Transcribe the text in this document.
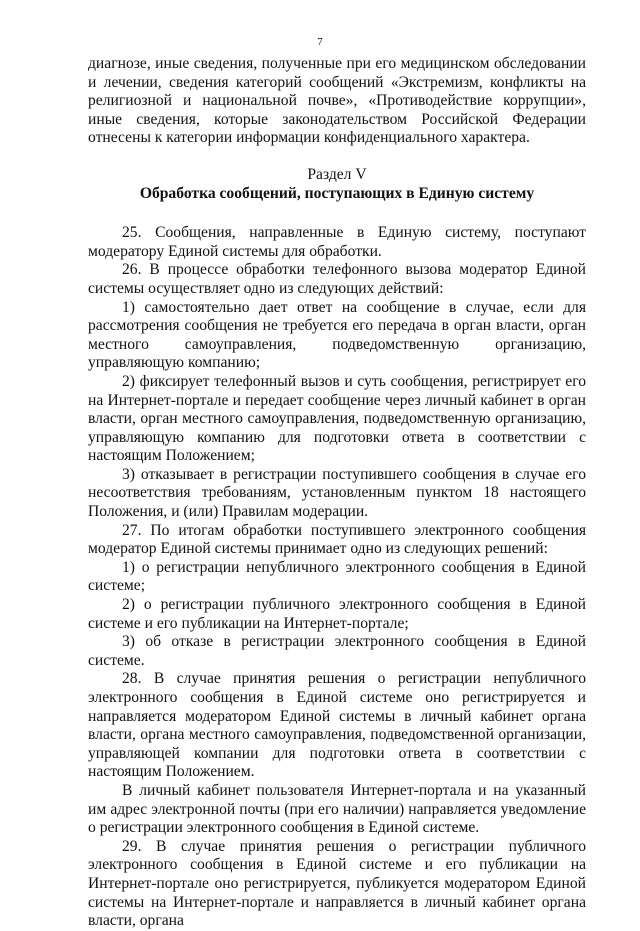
7

диагнозе, иные сведения, полученные при его медицинском обследовании и лечении, сведения категорий сообщений «Экстремизм, конфликты на религиозной и национальной почве», «Противодействие коррупции», иные сведения, которые законодательством Российской Федерации отнесены к категории информации конфиденциального характера.

Раздел V

Обработка сообщений, поступающих в Единую систему

25. Сообщения, направленные в Единую систему, поступают модератору Единой системы для обработки.

26. В процессе обработки телефонного вызова модератор Единой системы осуществляет одно из следующих действий:

1) самостоятельно дает ответ на сообщение в случае, если для рассмотрения сообщения не требуется его передача в орган власти, орган местного самоуправления, подведомственную организацию, управляющую компанию;

2) фиксирует телефонный вызов и суть сообщения, регистрирует его на Интернет-портале и передает сообщение через личный кабинет в орган власти, орган местного самоуправления, подведомственную организацию, управляющую компанию для подготовки ответа в соответствии с настоящим Положением;

3) отказывает в регистрации поступившего сообщения в случае его несоответствия требованиям, установленным пунктом 18 настоящего Положения, и (или) Правилам модерации.

27. По итогам обработки поступившего электронного сообщения модератор Единой системы принимает одно из следующих решений:

1) о регистрации непубличного электронного сообщения в Единой системе;

2) о регистрации публичного электронного сообщения в Единой системе и его публикации на Интернет-портале;

3) об отказе в регистрации электронного сообщения в Единой системе.

28. В случае принятия решения о регистрации непубличного электронного сообщения в Единой системе оно регистрируется и направляется модератором Единой системы в личный кабинет органа власти, органа местного самоуправления, подведомственной организации, управляющей компании для подготовки ответа в соответствии с настоящим Положением.

В личный кабинет пользователя Интернет-портала и на указанный им адрес электронной почты (при его наличии) направляется уведомление о регистрации электронного сообщения в Единой системе.

29. В случае принятия решения о регистрации публичного электронного сообщения в Единой системе и его публикации на Интернет-портале оно регистрируется, публикуется модератором Единой системы на Интернет-портале и направляется в личный кабинет органа власти, органа
